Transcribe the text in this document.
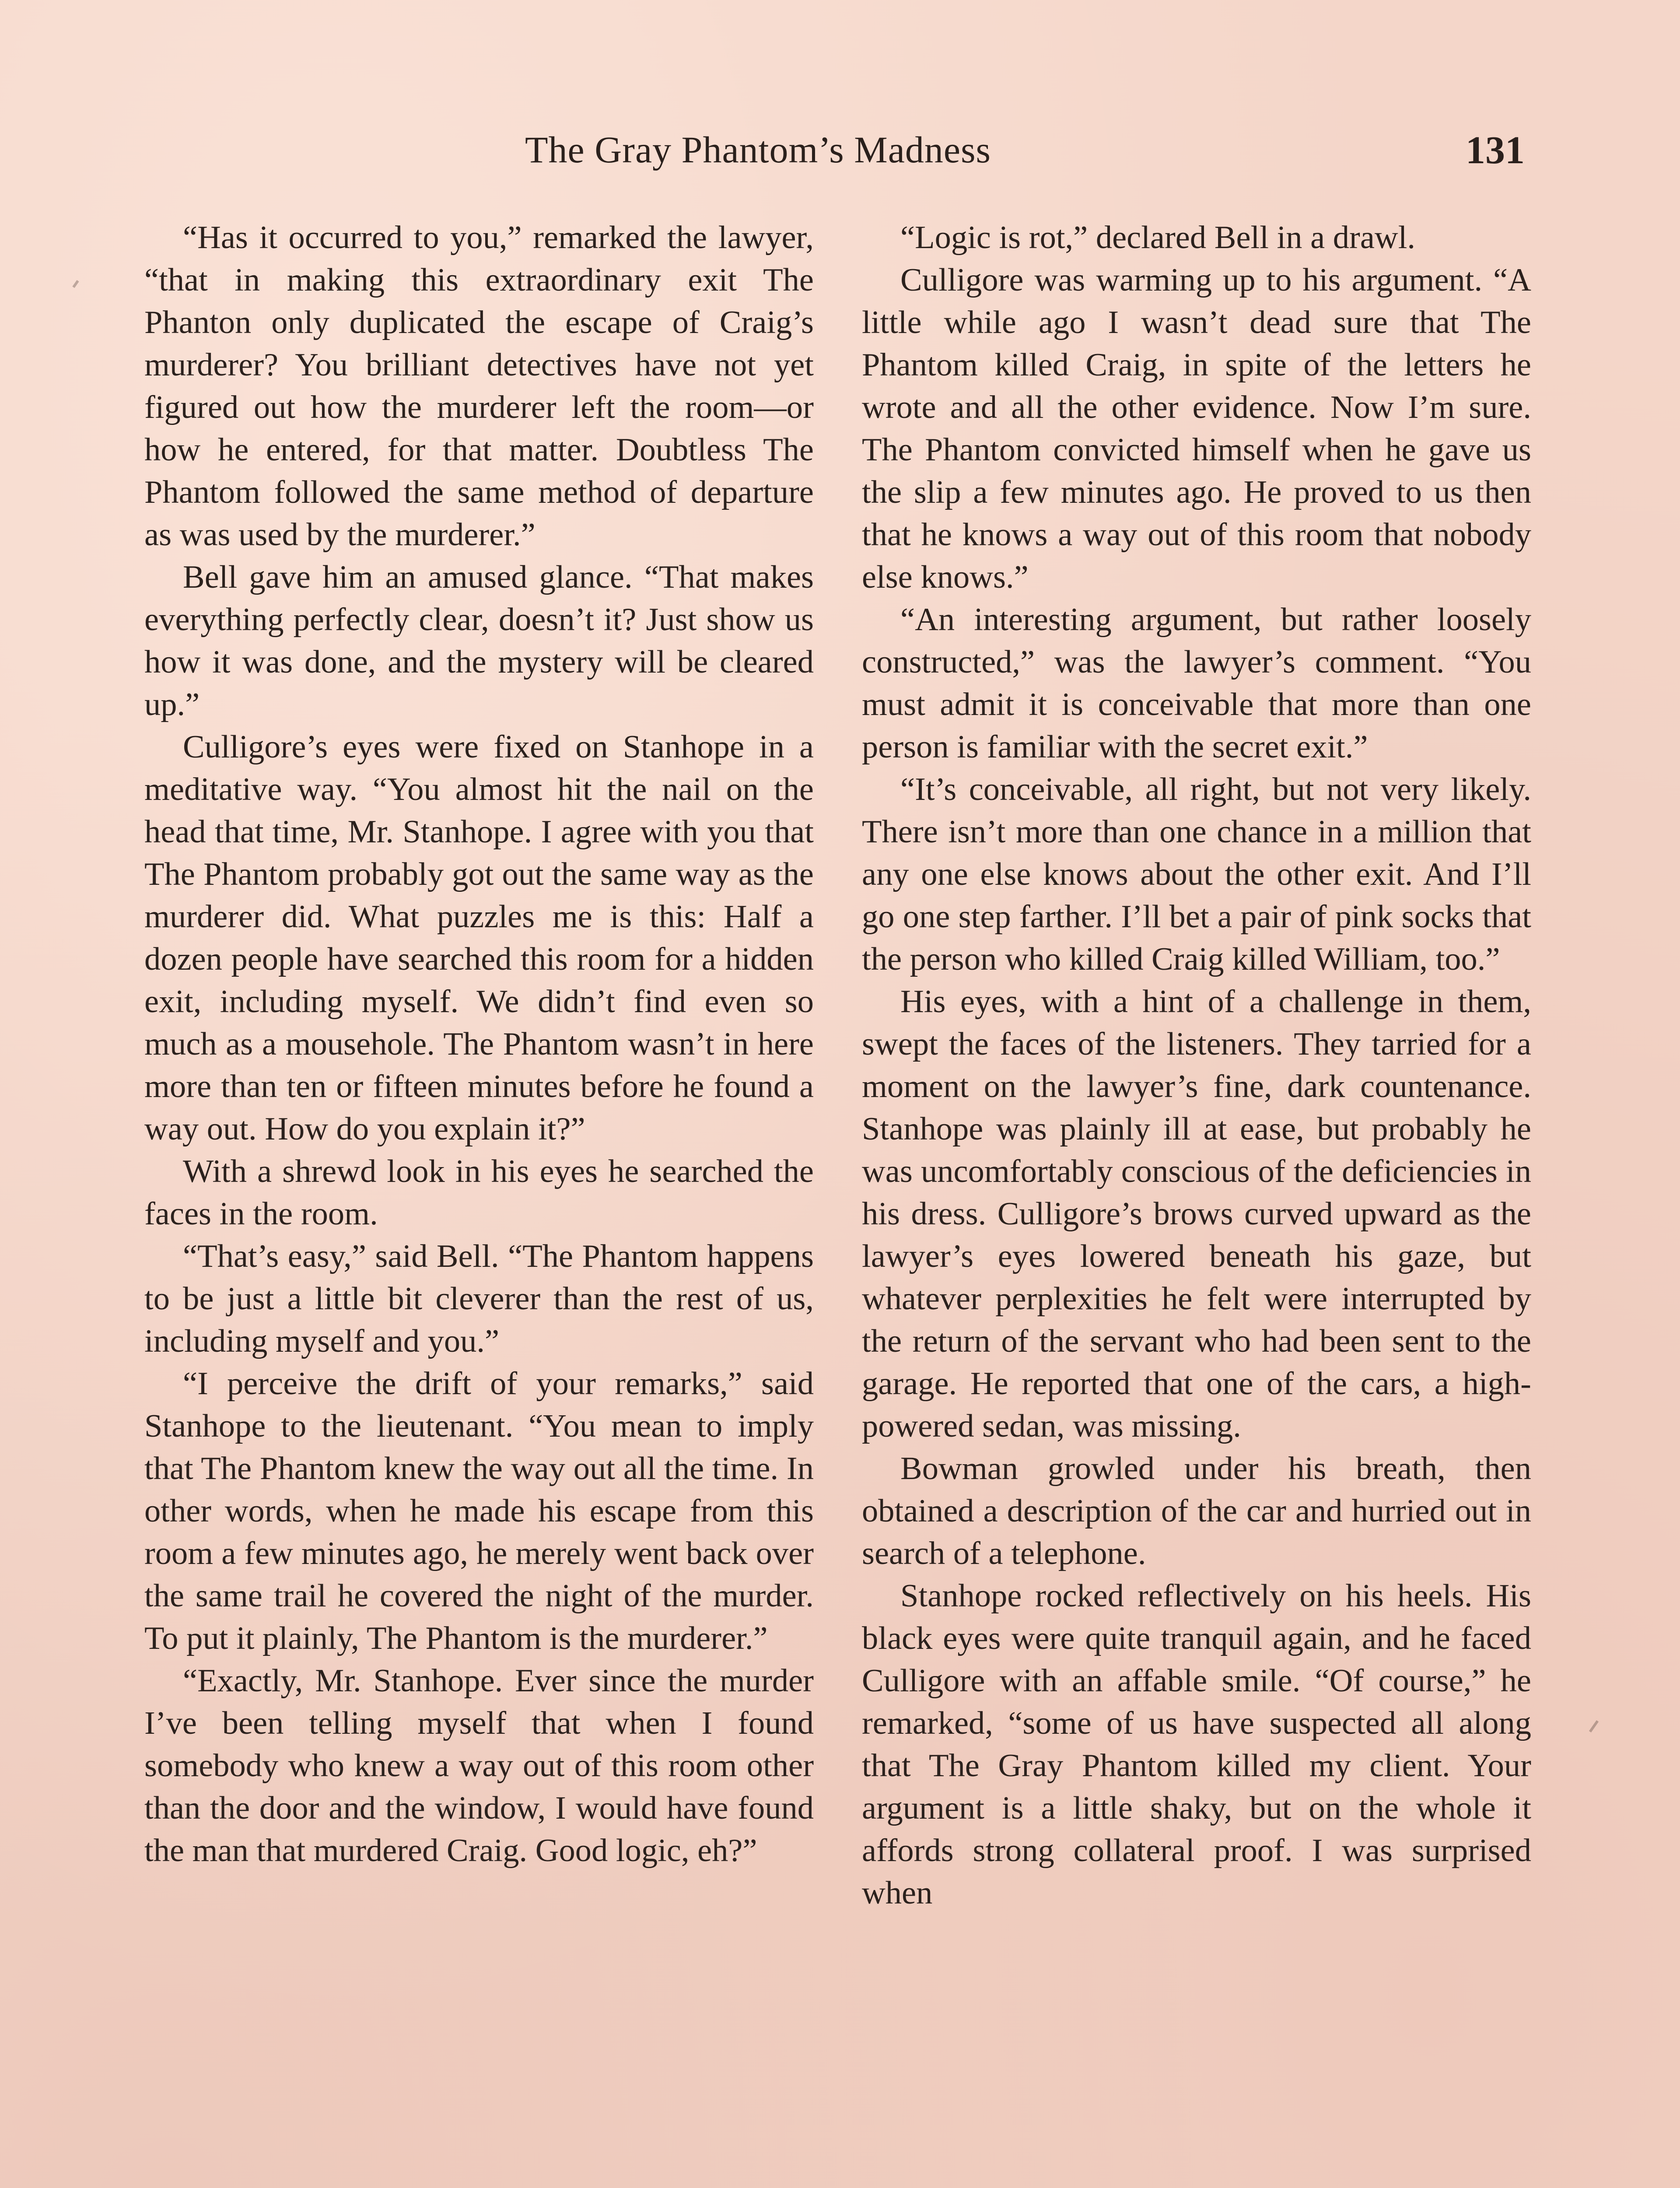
The Gray Phantom’s Madness	131

“Has it occurred to you,” remarked the lawyer, “that in making this extraordinary exit The Phanton only duplicated the escape of Craig’s murderer? You brilliant detectives have not yet figured out how the murderer left the room—or how he entered, for that matter. Doubtless The Phantom followed the same method of departure as was used by the murderer.”

Bell gave him an amused glance. “That makes everything perfectly clear, doesn’t it? Just show us how it was done, and the mystery will be cleared up.”

Culligore’s eyes were fixed on Stanhope in a meditative way. “You almost hit the nail on the head that time, Mr. Stanhope. I agree with you that The Phantom probably got out the same way as the murderer did. What puzzles me is this: Half a dozen people have searched this room for a hidden exit, including myself. We didn’t find even so much as a mousehole. The Phantom wasn’t in here more than ten or fifteen minutes before he found a way out. How do you explain it?”

With a shrewd look in his eyes he searched the faces in the room.

“That’s easy,” said Bell. “The Phantom happens to be just a little bit cleverer than the rest of us, including myself and you.”

“I perceive the drift of your remarks,” said Stanhope to the lieutenant. “You mean to imply that The Phantom knew the way out all the time. In other words, when he made his escape from this room a few minutes ago, he merely went back over the same trail he covered the night of the murder. To put it plainly, The Phantom is the murderer.”

“Exactly, Mr. Stanhope. Ever since the murder I’ve been telling myself that when I found somebody who knew a way out of this room other than the door and the window, I would have found the man that murdered Craig. Good logic, eh?”

“Logic is rot,” declared Bell in a drawl.

Culligore was warming up to his argument. “A little while ago I wasn’t dead sure that The Phantom killed Craig, in spite of the letters he wrote and all the other evidence. Now I’m sure. The Phantom convicted himself when he gave us the slip a few minutes ago. He proved to us then that he knows a way out of this room that nobody else knows.”

“An interesting argument, but rather loosely constructed,” was the lawyer’s comment. “You must admit it is conceivable that more than one person is familiar with the secret exit.”

“It’s conceivable, all right, but not very likely. There isn’t more than one chance in a million that any one else knows about the other exit. And I’ll go one step farther. I’ll bet a pair of pink socks that the person who killed Craig killed William, too.”

His eyes, with a hint of a challenge in them, swept the faces of the listeners. They tarried for a moment on the lawyer’s fine, dark countenance. Stanhope was plainly ill at ease, but probably he was uncomfortably conscious of the deficiencies in his dress. Culligore’s brows curved upward as the lawyer’s eyes lowered beneath his gaze, but whatever perplexities he felt were interrupted by the return of the servant who had been sent to the garage. He reported that one of the cars, a high-powered sedan, was missing.

Bowman growled under his breath, then obtained a description of the car and hurried out in search of a telephone.

Stanhope rocked reflectively on his heels. His black eyes were quite tranquil again, and he faced Culligore with an affable smile. “Of course,” he remarked, “some of us have suspected all along that The Gray Phantom killed my client. Your argument is a little shaky, but on the whole it affords strong collateral proof. I was surprised when
